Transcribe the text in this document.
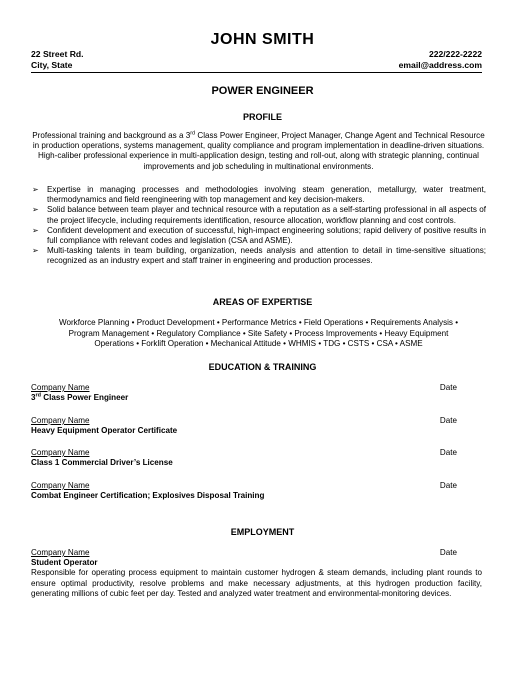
JOHN SMITH
22 Street Rd.	222/222-2222
City, State	email@address.com
POWER ENGINEER
PROFILE
Professional training and background as a 3rd Class Power Engineer, Project Manager, Change Agent and Technical Resource in production operations, systems management, quality compliance and program implementation in deadline-driven situations. High-caliber professional experience in multi-application design, testing and roll-out, along with strategic planning, continual improvements and job scheduling in multinational environments.
➢ Expertise in managing processes and methodologies involving steam generation, metallurgy, water treatment, thermodynamics and field reengineering with top management and key decision-makers.
➢ Solid balance between team player and technical resource with a reputation as a self-starting professional in all aspects of the project lifecycle, including requirements identification, resource allocation, workflow planning and cost controls.
➢ Confident development and execution of successful, high-impact engineering solutions; rapid delivery of positive results in full compliance with relevant codes and legislation (CSA and ASME).
➢ Multi-tasking talents in team building, organization, needs analysis and attention to detail in time-sensitive situations; recognized as an industry expert and staff trainer in engineering and production processes.
AREAS OF EXPERTISE
Workforce Planning • Product Development • Performance Metrics • Field Operations • Requirements Analysis •
Program Management • Regulatory Compliance • Site Safety • Process Improvements • Heavy Equipment
Operations • Forklift Operation • Mechanical Attitude • WHMIS • TDG • CSTS • CSA • ASME
EDUCATION & TRAINING
Company Name	Date
3rd Class Power Engineer
Company Name	Date
Heavy Equipment Operator Certificate
Company Name	Date
Class 1 Commercial Driver’s License
Company Name	Date
Combat Engineer Certification; Explosives Disposal Training
EMPLOYMENT
Company Name	Date
Student Operator
Responsible for operating process equipment to maintain customer hydrogen & steam demands, including plant rounds to ensure optimal productivity, resolve problems and make necessary adjustments, at this hydrogen production facility, generating millions of cubic feet per day. Tested and analyzed water treatment and environmental-monitoring devices.
